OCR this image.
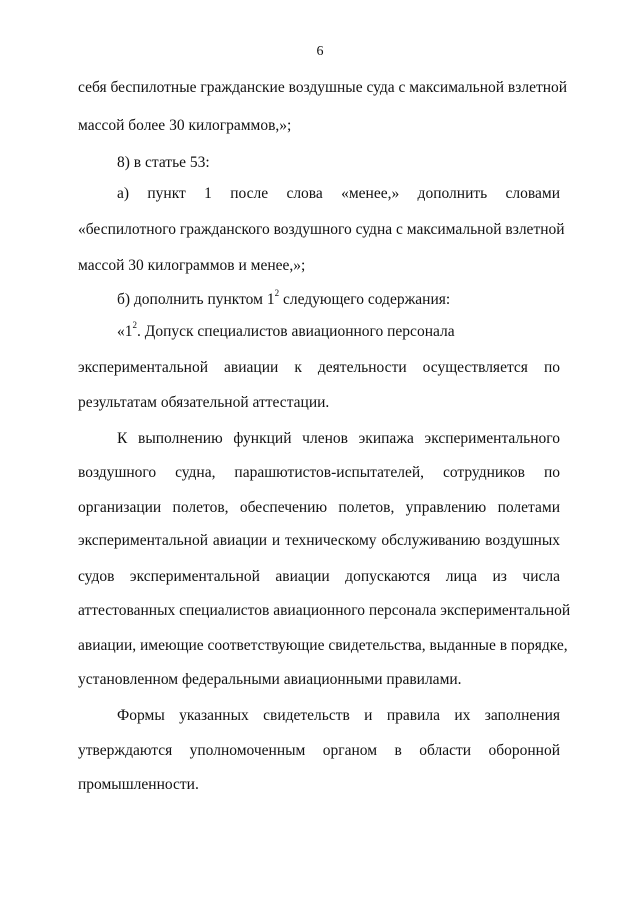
6
себя беспилотные гражданские воздушные суда с максимальной взлетной
массой более 30 килограммов,»;
8) в статье 53:
а) пункт 1 после слова «менее,» дополнить словами
«беспилотного гражданского воздушного судна с максимальной взлетной
массой 30 килограммов и менее,»;
б) дополнить пунктом $1^2$ следующего содержания:
«$1^2$. Допуск специалистов авиационного персонала
экспериментальной авиации к деятельности осуществляется по
результатам обязательной аттестации.
К выполнению функций членов экипажа экспериментального
воздушного судна, парашютистов-испытателей, сотрудников по
организации полетов, обеспечению полетов, управлению полетами
экспериментальной авиации и техническому обслуживанию воздушных
судов экспериментальной авиации допускаются лица из числа
аттестованных специалистов авиационного персонала экспериментальной
авиации, имеющие соответствующие свидетельства, выданные в порядке,
установленном федеральными авиационными правилами.
Формы указанных свидетельств и правила их заполнения
утверждаются уполномоченным органом в области оборонной
промышленности.
